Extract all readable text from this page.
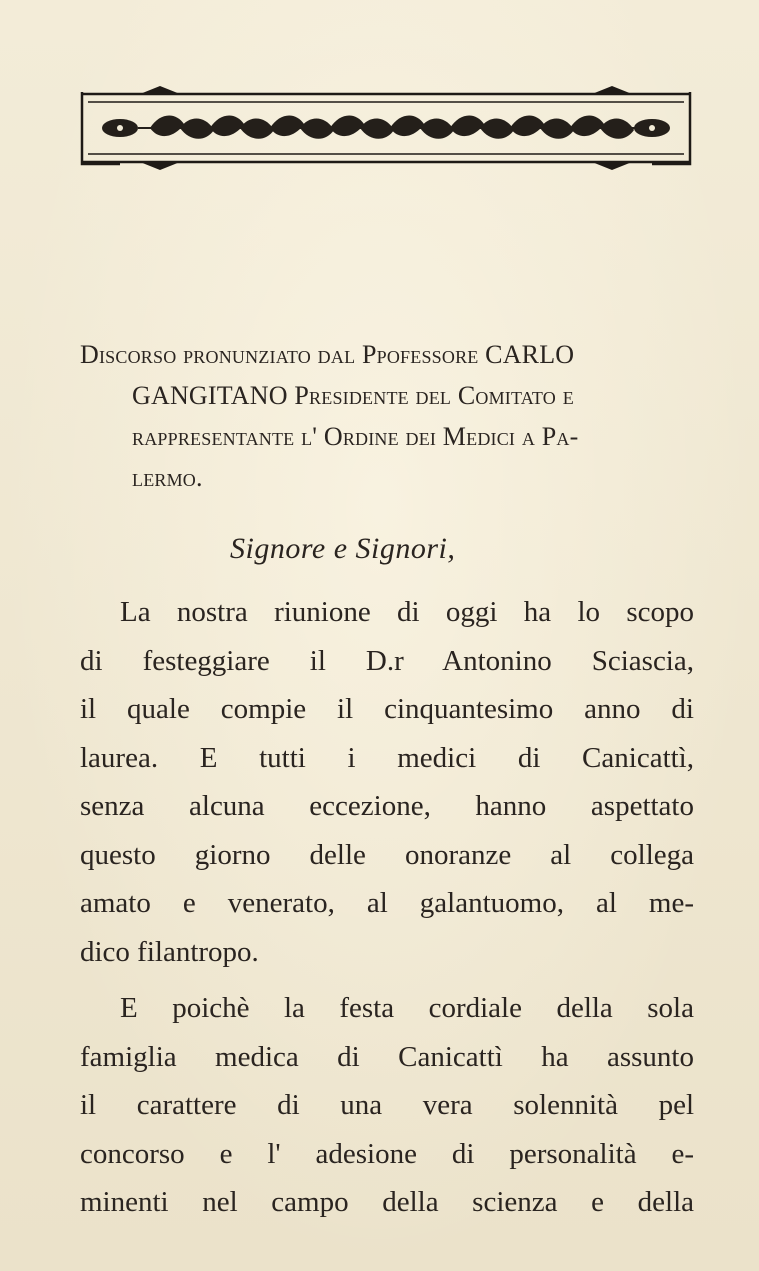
Discorso pronunziato dal Ppofessore CARLO
GANGITANO Presidente del Comitato e
rappresentante l' Ordine dei Medici a Pa-
lermo.
Signore e Signori,
La nostra riunione di oggi ha lo scopo
di festeggiare il D.r Antonino Sciascia,
il quale compie il cinquantesimo anno di
laurea. E tutti i medici di Canicattì,
senza alcuna eccezione, hanno aspettato
questo giorno delle onoranze al collega
amato e venerato, al galantuomo, al me-
dico filantropo.
E poichè la festa cordiale della sola
famiglia medica di Canicattì ha assunto
il carattere di una vera solennità pel
concorso e l' adesione di personalità e-
minenti nel campo della scienza e della
